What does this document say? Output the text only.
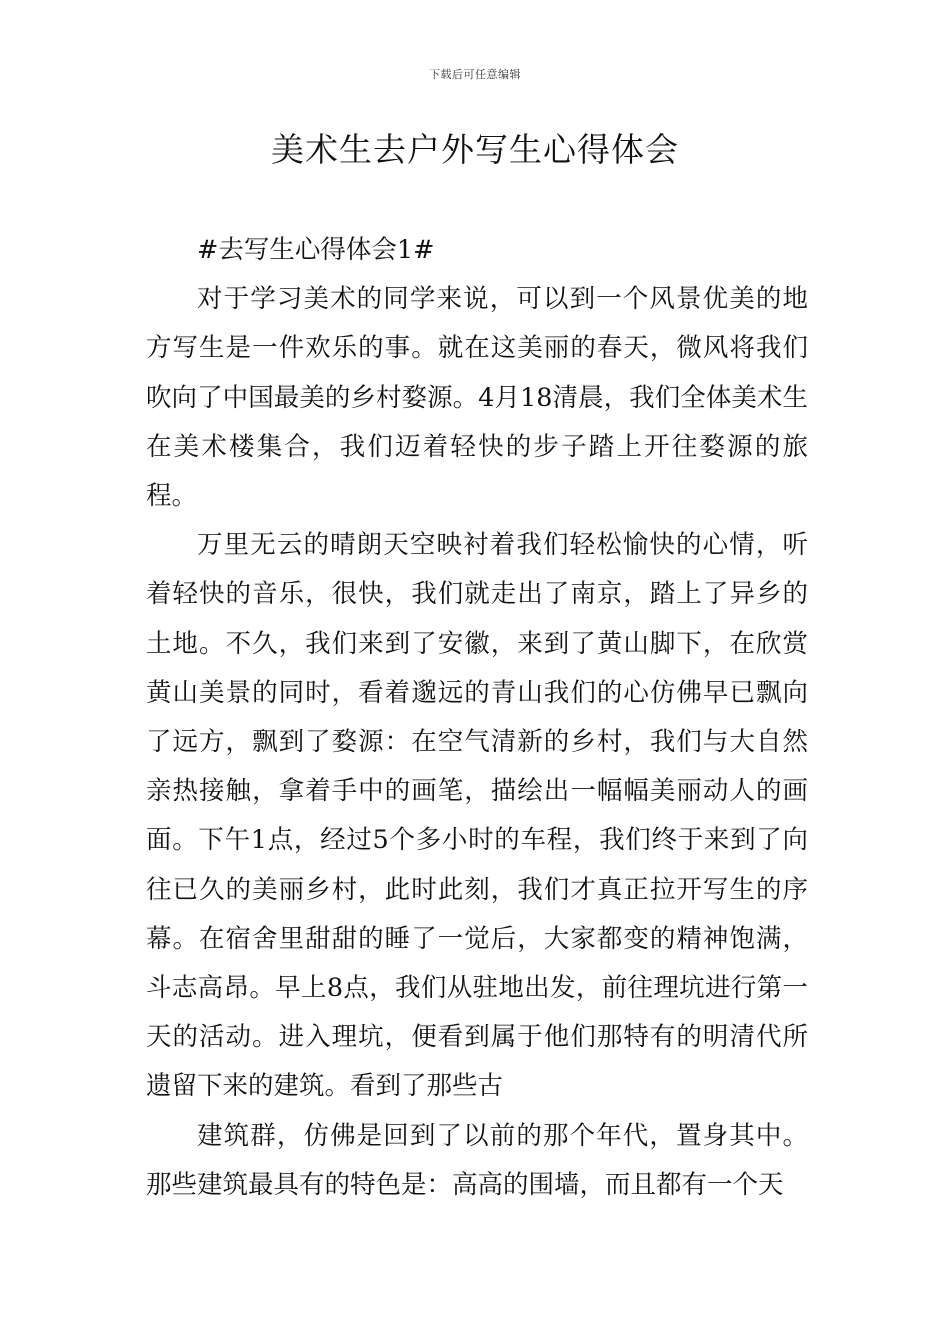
下载后可任意编辑
美术生去户外写生心得体会

#去写生心得体会1#

对于学习美术的同学来说，可以到一个风景优美的地方写生是一件欢乐的事。就在这美丽的春天，微风将我们吹向了中国最美的乡村婺源。4月18清晨，我们全体美术生在美术楼集合，我们迈着轻快的步子踏上开往婺源的旅程。

万里无云的晴朗天空映衬着我们轻松愉快的心情，听着轻快的音乐，很快，我们就走出了南京，踏上了异乡的土地。不久，我们来到了安徽，来到了黄山脚下，在欣赏黄山美景的同时，看着邈远的青山我们的心仿佛早已飘向了远方，飘到了婺源：在空气清新的乡村，我们与大自然亲热接触，拿着手中的画笔，描绘出一幅幅美丽动人的画面。下午1点，经过5个多小时的车程，我们终于来到了向往已久的美丽乡村，此时此刻，我们才真正拉开写生的序幕。在宿舍里甜甜的睡了一觉后，大家都变的精神饱满，斗志高昂。早上8点，我们从驻地出发，前往理坑进行第一天的活动。进入理坑，便看到属于他们那特有的明清代所遗留下来的建筑。看到了那些古

建筑群，仿佛是回到了以前的那个年代，置身其中。那些建筑最具有的特色是：高高的围墙，而且都有一个天
